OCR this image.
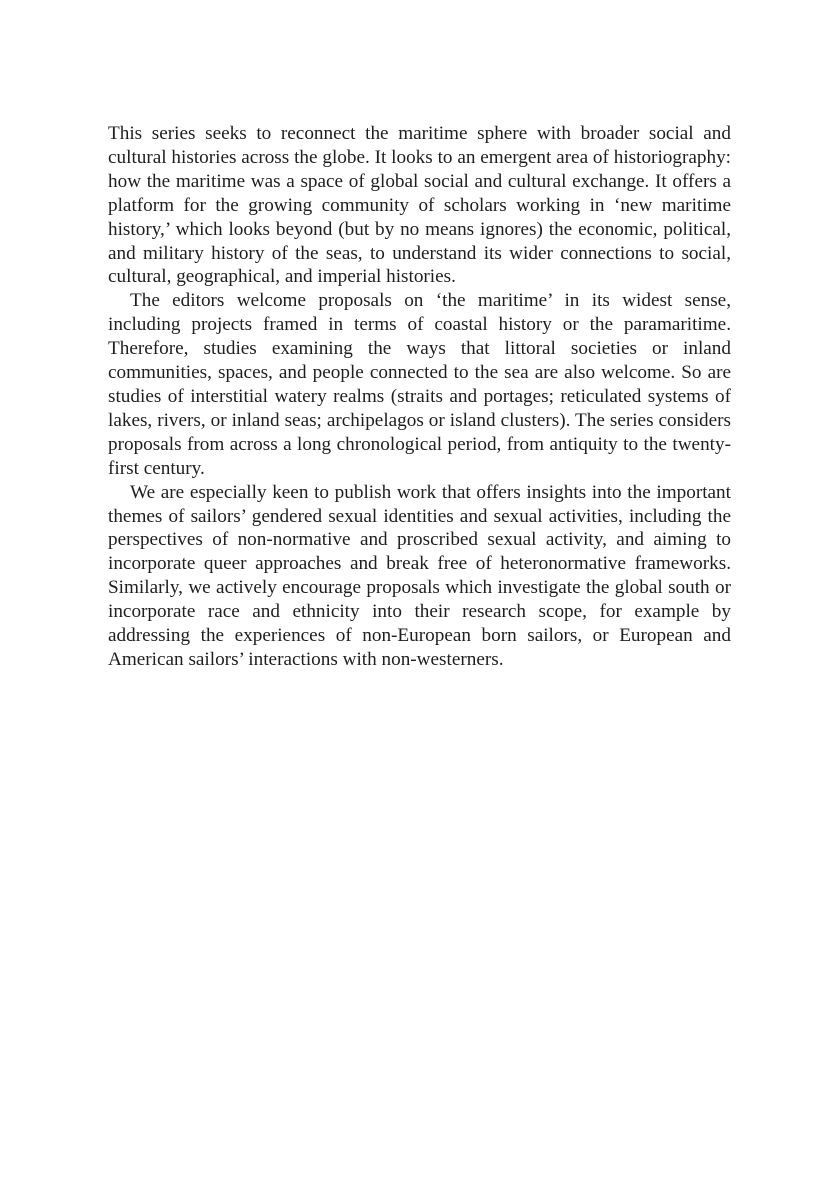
This series seeks to reconnect the maritime sphere with broader social and cultural histories across the globe. It looks to an emergent area of historiography: how the maritime was a space of global social and cultural exchange. It offers a platform for the growing community of scholars working in ‘new maritime history,’ which looks beyond (but by no means ignores) the economic, political, and military history of the seas, to understand its wider connections to social, cultural, geographical, and imperial histories.

The editors welcome proposals on ‘the maritime’ in its widest sense, including projects framed in terms of coastal history or the paramaritime. Therefore, studies examining the ways that littoral societies or inland communities, spaces, and people connected to the sea are also welcome. So are studies of interstitial watery realms (straits and portages; reticulated systems of lakes, rivers, or inland seas; archipelagos or island clusters). The series considers proposals from across a long chronological period, from antiquity to the twenty-first century.

We are especially keen to publish work that offers insights into the important themes of sailors’ gendered sexual identities and sexual activities, including the perspectives of non-normative and proscribed sexual activity, and aiming to incorporate queer approaches and break free of heteronormative frameworks. Similarly, we actively encourage proposals which investigate the global south or incorporate race and ethnicity into their research scope, for example by addressing the experiences of non-European born sailors, or European and American sailors’ interactions with non-westerners.
